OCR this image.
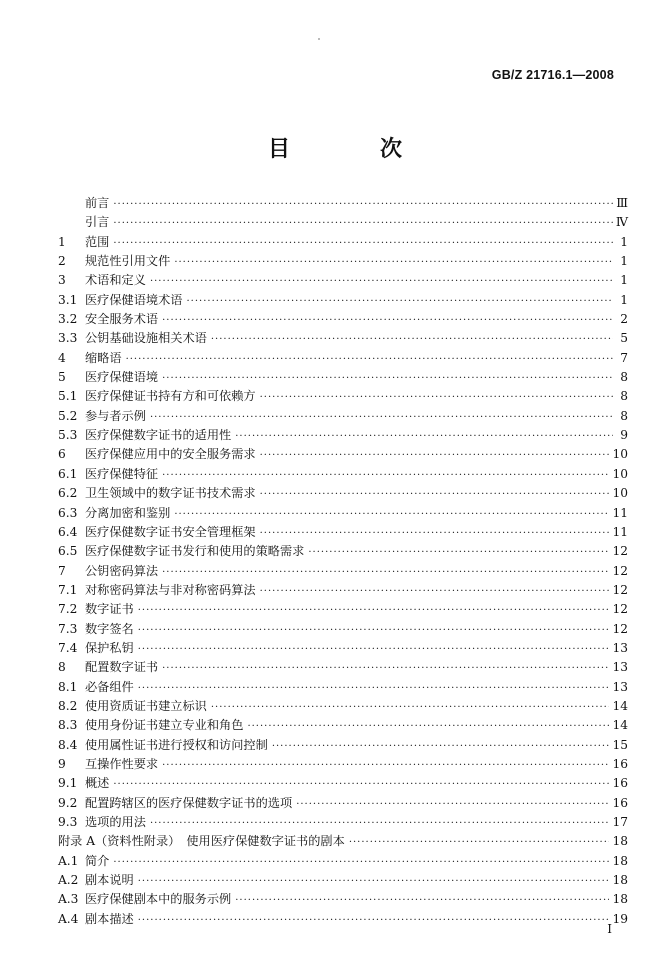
GB/Z 21716.1—2008
目　次
前言 ·····	Ⅲ
引言 ·····	Ⅳ
1	范围 ·····	1
2	规范性引用文件 ·····	1
3	术语和定义 ·····	1
3.1 医疗保健语境术语 ·····	1
3.2 安全服务术语 ·····	2
3.3 公钥基础设施相关术语 ·····	5
4	缩略语 ·····	7
5	医疗保健语境 ·····	8
5.1 医疗保健证书持有方和可依赖方 ·····	8
5.2 参与者示例 ·····	8
5.3 医疗保健数字证书的适用性 ·····	9
6	医疗保健应用中的安全服务需求 ·····	10
6.1 医疗保健特征 ·····	10
6.2 卫生领域中的数字证书技术需求 ·····	10
6.3 分离加密和鉴别 ·····	11
6.4 医疗保健数字证书安全管理框架 ·····	11
6.5 医疗保健数字证书发行和使用的策略需求 ·····	12
7	公钥密码算法 ·····	12
7.1 对称密码算法与非对称密码算法 ·····	12
7.2 数字证书 ·····	12
7.3 数字签名 ·····	12
7.4 保护私钥 ·····	13
8	配置数字证书 ·····	13
8.1 必备组件 ·····	13
8.2 使用资质证书建立标识 ·····	14
8.3 使用身份证书建立专业和角色 ·····	14
8.4 使用属性证书进行授权和访问控制 ·····	15
9	互操作性要求 ·····	16
9.1 概述 ·····	16
9.2 配置跨辖区的医疗保健数字证书的选项 ·····	16
9.3 选项的用法 ·····	17
附录 A（资料性附录） 使用医疗保健数字证书的剧本 ·····	18
A.1 简介 ·····	18
A.2 剧本说明 ·····	18
A.3 医疗保健剧本中的服务示例 ·····	18
A.4 剧本描述 ·····	19
I
